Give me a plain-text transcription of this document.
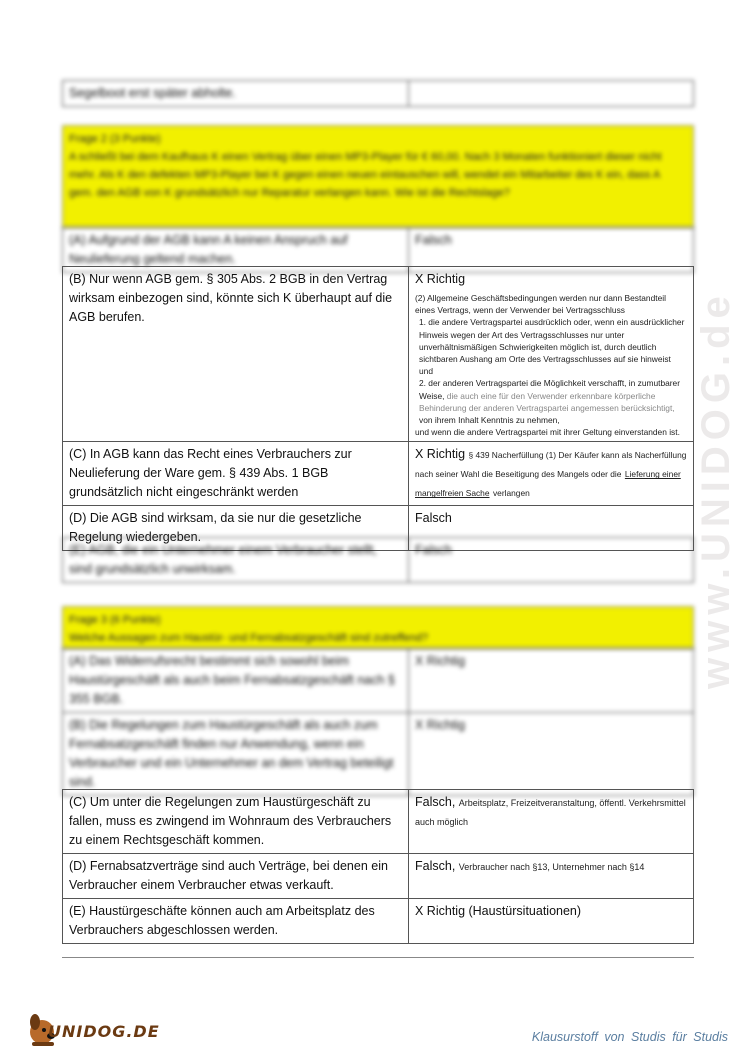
www.UNIDOG.de
Segelboot erst später abholte.	
Frage 2 (3 Punkte)
A schließt bei dem Kaufhaus K einen Vertrag über einen MP3-Player für € 60,00. Nach 3 Monaten funktioniert dieser nicht mehr. Als K den defekten MP3-Player bei K gegen einen neuen eintauschen will, wendet ein Mitarbeiter des K ein, dass A gem. den AGB von K grundsätzlich nur Reparatur verlangen kann. Wie ist die Rechtslage?
(A) Aufgrund der AGB kann A keinen Anspruch auf Neulieferung geltend machen.	Falsch
(B) Nur wenn AGB gem. § 305 Abs. 2 BGB in den Vertrag wirksam einbezogen sind, könnte sich K überhaupt auf die AGB berufen.	X Richtig
(2) Allgemeine Geschäftsbedingungen werden nur dann Bestandteil eines Vertrags, wenn der Verwender bei Vertragsschluss
1. die andere Vertragspartei ausdrücklich oder, wenn ein ausdrücklicher Hinweis wegen der Art des Vertragsschlusses nur unter unverhältnismäßigen Schwierigkeiten möglich ist, durch deutlich sichtbaren Aushang am Orte des Vertragsschlusses auf sie hinweist und
2. der anderen Vertragspartei die Möglichkeit verschafft, in zumutbarer Weise, die auch eine für den Verwender erkennbare körperliche Behinderung der anderen Vertragspartei angemessen berücksichtigt, von ihrem Inhalt Kenntnis zu nehmen,
und wenn die andere Vertragspartei mit ihrer Geltung einverstanden ist.

(C) In AGB kann das Recht eines Verbrauchers zur Neulieferung der Ware gem. § 439 Abs. 1 BGB grundsätzlich nicht eingeschränkt werden	X Richtig § 439 Nacherfüllung (1) Der Käufer kann als Nacherfüllung nach seiner Wahl die Beseitigung des Mangels oder die Lieferung einer mangelfreien Sache verlangen
(D) Die AGB sind wirksam, da sie nur die gesetzliche Regelung wiedergeben.	Falsch
(E) AGB, die ein Unternehmer einem Verbraucher stellt, sind grundsätzlich unwirksam.	Falsch
Frage 3 (6 Punkte)
Welche Aussagen zum Haustür- und Fernabsatzgeschäft sind zutreffend?
(A) Das Widerrufsrecht bestimmt sich sowohl beim Haustürgeschäft als auch beim Fernabsatzgeschäft nach § 355 BGB.	X Richtig
(B) Die Regelungen zum Haustürgeschäft als auch zum Fernabsatzgeschäft finden nur Anwendung, wenn ein Verbraucher und ein Unternehmer an dem Vertrag beteiligt sind.	X Richtig
(C) Um unter die Regelungen zum Haustürgeschäft zu fallen, muss es zwingend im Wohnraum des Verbrauchers zu einem Rechtsgeschäft kommen.	Falsch, Arbeitsplatz, Freizeitveranstaltung, öffentl. Verkehrsmittel auch möglich
(D) Fernabsatzverträge sind auch Verträge, bei denen ein Verbraucher einem Verbraucher etwas verkauft.	Falsch, Verbraucher nach §13, Unternehmer nach §14
(E) Haustürgeschäfte können auch am Arbeitsplatz des Verbrauchers abgeschlossen werden.	X Richtig (Haustürsituationen)
UNIDOG.DE	Klausurstoff von Studis für Studis
